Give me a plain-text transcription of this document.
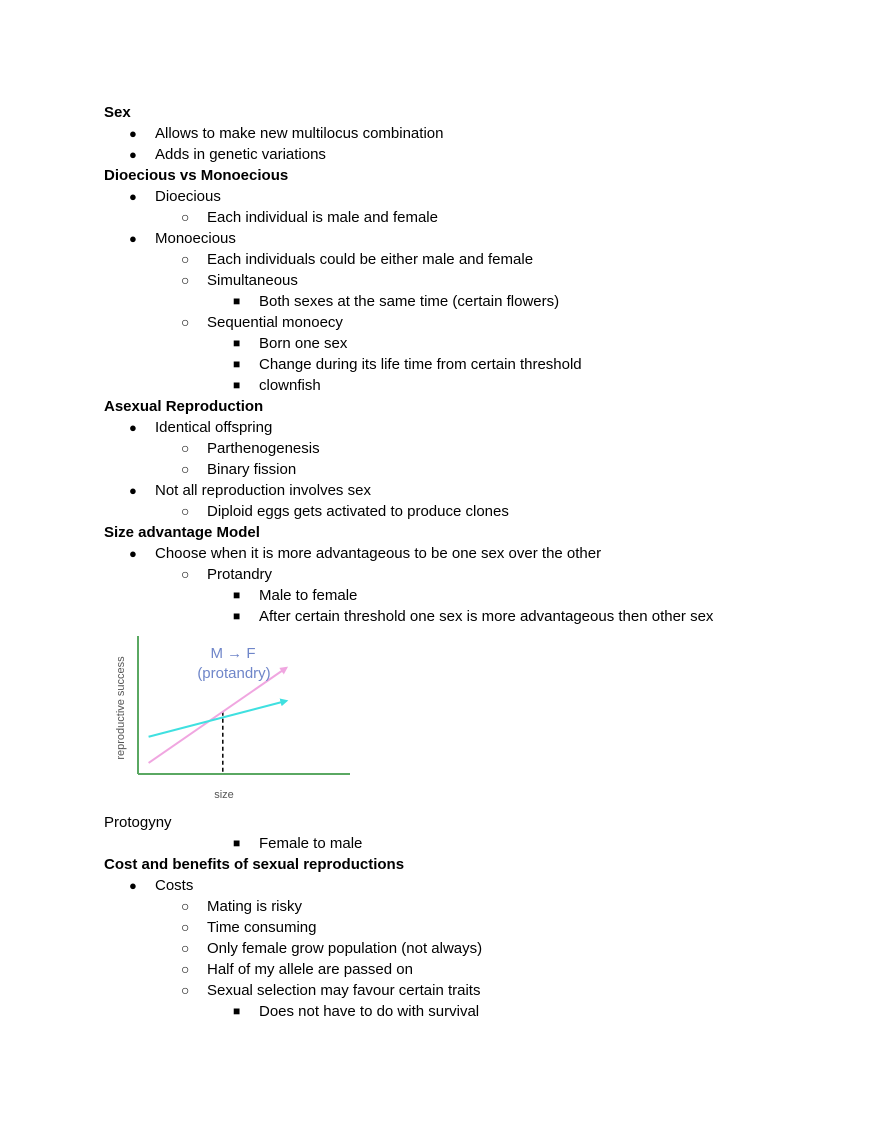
Sex
● Allows to make new multilocus combination
● Adds in genetic variations
Dioecious vs Monoecious
● Dioecious
○ Each individual is male and female
● Monoecious
○ Each individuals could be either male and female
○ Simultaneous
■ Both sexes at the same time (certain flowers)
○ Sequential monoecy
■ Born one sex
■ Change during its life time from certain threshold
■ clownfish
Asexual Reproduction
● Identical offspring
○ Parthenogenesis
○ Binary fission
● Not all reproduction involves sex
○ Diploid eggs gets activated to produce clones
Size advantage Model
● Choose when it is more advantageous to be one sex over the other
○ Protandry
■ Male to female
■ After certain threshold one sex is more advantageous then other sex
M → F
(protandry)
reproductive success
size
Protogyny
■ Female to male
Cost and benefits of sexual reproductions
● Costs
○ Mating is risky
○ Time consuming
○ Only female grow population (not always)
○ Half of my allele are passed on
○ Sexual selection may favour certain traits
■ Does not have to do with survival
